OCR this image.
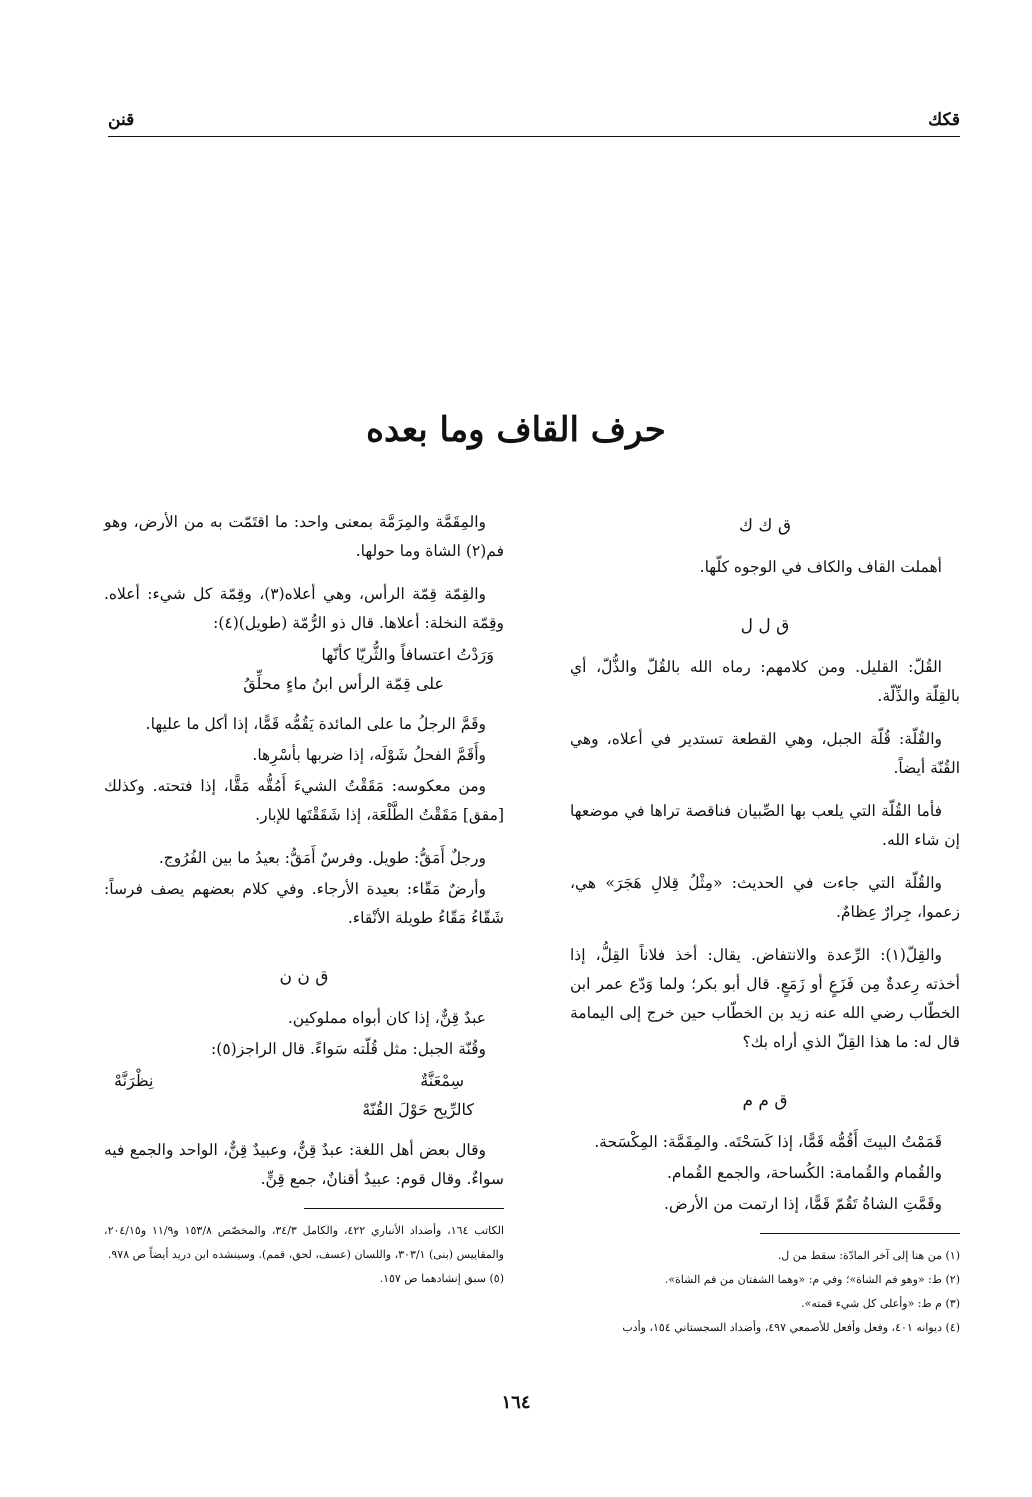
قكك
قنن
حرف القاف وما بعده
ق ك ك

أهملت القاف والكاف في الوجوه كلّها.

ق ل ل

القُلّ: القليل. ومن كلامهم: رماه الله بالقُلّ والذُّلّ، أي بالقِلّة والذِّلّة.

والقُلّة: قُلّة الجبل، وهي القطعة تستدير في أعلاه، وهي القُنّة أيضاً.

فأما القُلّة التي يلعب بها الصِّبيان فناقصة تراها في موضعها إن شاء الله.

والقُلّة التي جاءت في الحديث: «مِثْلُ قِلالِ هَجَرَ» هي، زعموا، جِرارٌ عِظامٌ.

والقِلّ(١): الرِّعدة والانتفاض. يقال: أخذ فلاناً القِلُّ، إذا أخذته رِعدةٌ مِن فَزَعٍ أو زَمَعٍ. قال أبو بكر؛ ولما وَدّع عمر ابن الخطّاب رضي الله عنه زيد بن الخطّاب حين خرج إلى اليمامة قال له: ما هذا القِلّ الذي أراه بك؟

ق م م

قَمَمْتُ البيتَ أَقُمُّه قَمًّا، إذا كَسَحْتَه. والمِقَمَّة: المِكْسَحة.

والقُمام والقُمامة: الكُساحة، والجمع القُمام.

وقَمَّتِ الشاةُ تَقُمّ قَمًّا، إذا ارتمت من الأرض.

(١) من هنا إلى آخر المادّة: سقط من ل.
(٢) ط: «وهو فم الشاة»؛ وفي م: «وهما الشفتان من فم الشاة».
(٣) م ط: «وأعلى كل شيء قمته».
(٤) ديوانه ٤٠١، وفعل وأفعل للأصمعي ٤٩٧، وأضداد السجستاني ١٥٤، وأدب

والمِقَمَّة والمِرَمَّة بمعنى واحد: ما اقتَمّت به من الأرض، وهو فم(٢) الشاة وما حولها.

والقِمّة قِمّة الرأس، وهي أعلاه(٣)، وقِمّة كل شيء: أعلاه. وقِمّة النخلة: أعلاها. قال ذو الرُّمّة (طويل)(٤):

وَرَدْتُ اعتسافاً والثُّريّا كأنّها
على قِمّة الرأس ابنُ ماءٍ محلِّقُ

وقَمَّ الرجلُ ما على المائدة يَقُمُّه قَمًّا، إذا أكل ما عليها.

وأَقَمَّ الفحلُ شَوْلَه، إذا ضربها بأسْرِها.

ومن معكوسه: مَقَقْتُ الشيءَ أَمُقُّه مَقًّا، إذا فتحته. وكذلك [مقق] مَقَقْتُ الطَّلْعَة، إذا شَقَقْتَها للإبار.

ورجلٌ أَمَقُّ: طويل. وفرسٌ أَمَقُّ: بعيدُ ما بين الفُرُوج.

وأرضٌ مَقّاء: بعيدة الأرجاء. وفي كلام بعضهم يصف فرساً: شَقّاءُ مَقّاءُ طويلة الأنْقاء.

ق ن ن

عبدٌ قِنٌّ، إذا كان أبواه مملوكين.

وقُنّة الجبل: مثل قُلّته سَواءً. قال الراجز(٥):

سِمْعَنَّةٌ
نِظْرَنَّهْ
كالرِّيح حَوْلَ القُنّهْ

وقال بعض أهل اللغة: عبدٌ قِنٌّ، وعبيدٌ قِنٌّ، الواحد والجمع فيه سواءٌ. وقال قوم: عبيدٌ أقنانٌ، جمع قِنٍّ.

الكاتب ١٦٤، وأضداد الأنباري ٤٢٢، والكامل ٣٤/٣، والمخصّص ١٥٣/٨ و١١/٩ و٢٠٤/١٥، والمقاييس (بنى) ٣٠٣/١، واللسان (عسف، لحق، قمم). وسينشده ابن دريد أيضاً ص ٩٧٨.
(٥) سبق إنشادهما ص ١٥٧.
١٦٤
